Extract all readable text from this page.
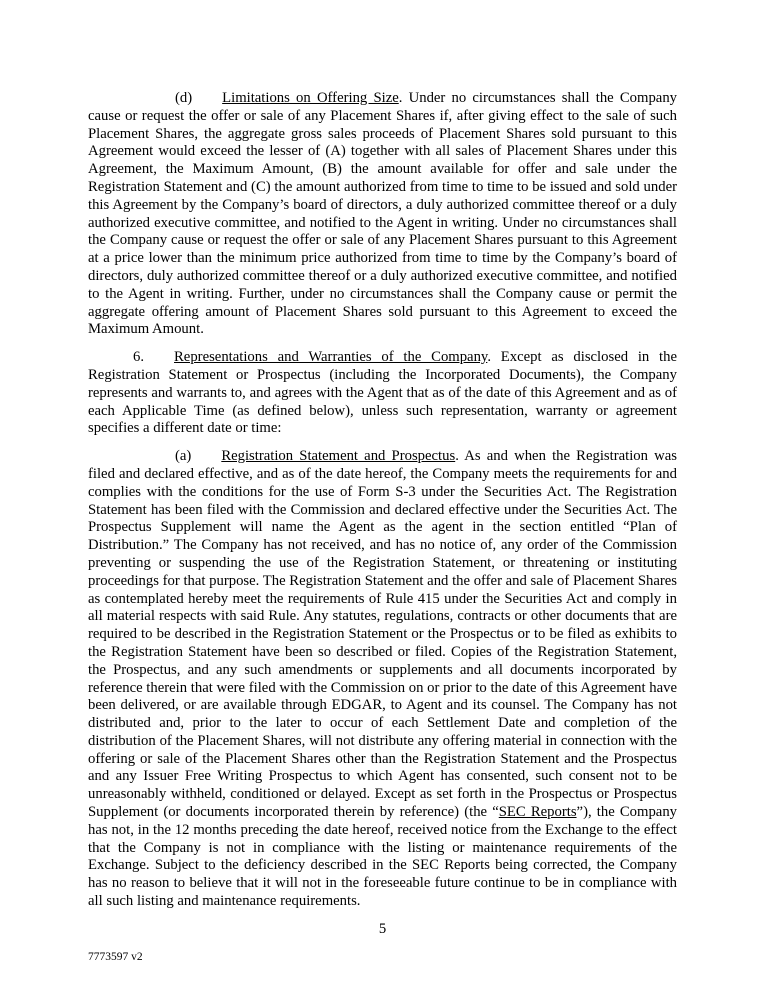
(d) Limitations on Offering Size. Under no circumstances shall the Company cause or request the offer or sale of any Placement Shares if, after giving effect to the sale of such Placement Shares, the aggregate gross sales proceeds of Placement Shares sold pursuant to this Agreement would exceed the lesser of (A) together with all sales of Placement Shares under this Agreement, the Maximum Amount, (B) the amount available for offer and sale under the Registration Statement and (C) the amount authorized from time to time to be issued and sold under this Agreement by the Company’s board of directors, a duly authorized committee thereof or a duly authorized executive committee, and notified to the Agent in writing. Under no circumstances shall the Company cause or request the offer or sale of any Placement Shares pursuant to this Agreement at a price lower than the minimum price authorized from time to time by the Company’s board of directors, duly authorized committee thereof or a duly authorized executive committee, and notified to the Agent in writing. Further, under no circumstances shall the Company cause or permit the aggregate offering amount of Placement Shares sold pursuant to this Agreement to exceed the Maximum Amount.

6. Representations and Warranties of the Company. Except as disclosed in the Registration Statement or Prospectus (including the Incorporated Documents), the Company represents and warrants to, and agrees with the Agent that as of the date of this Agreement and as of each Applicable Time (as defined below), unless such representation, warranty or agreement specifies a different date or time:

(a) Registration Statement and Prospectus. As and when the Registration was filed and declared effective, and as of the date hereof, the Company meets the requirements for and complies with the conditions for the use of Form S-3 under the Securities Act. The Registration Statement has been filed with the Commission and declared effective under the Securities Act. The Prospectus Supplement will name the Agent as the agent in the section entitled “Plan of Distribution.” The Company has not received, and has no notice of, any order of the Commission preventing or suspending the use of the Registration Statement, or threatening or instituting proceedings for that purpose. The Registration Statement and the offer and sale of Placement Shares as contemplated hereby meet the requirements of Rule 415 under the Securities Act and comply in all material respects with said Rule. Any statutes, regulations, contracts or other documents that are required to be described in the Registration Statement or the Prospectus or to be filed as exhibits to the Registration Statement have been so described or filed. Copies of the Registration Statement, the Prospectus, and any such amendments or supplements and all documents incorporated by reference therein that were filed with the Commission on or prior to the date of this Agreement have been delivered, or are available through EDGAR, to Agent and its counsel. The Company has not distributed and, prior to the later to occur of each Settlement Date and completion of the distribution of the Placement Shares, will not distribute any offering material in connection with the offering or sale of the Placement Shares other than the Registration Statement and the Prospectus and any Issuer Free Writing Prospectus to which Agent has consented, such consent not to be unreasonably withheld, conditioned or delayed. Except as set forth in the Prospectus or Prospectus Supplement (or documents incorporated therein by reference) (the “SEC Reports”), the Company has not, in the 12 months preceding the date hereof, received notice from the Exchange to the effect that the Company is not in compliance with the listing or maintenance requirements of the Exchange. Subject to the deficiency described in the SEC Reports being corrected, the Company has no reason to believe that it will not in the foreseeable future continue to be in compliance with all such listing and maintenance requirements.

5
7773597 v2
